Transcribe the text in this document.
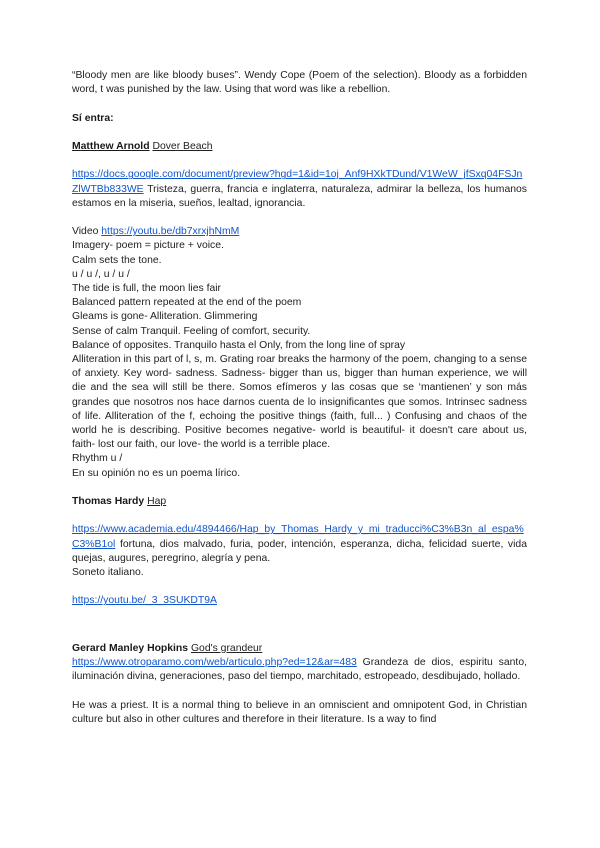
“Bloody men are like bloody buses”. Wendy Cope (Poem of the selection). Bloody as a forbidden word, t was punished by the law. Using that word was like a rebellion.

Sí entra:

Matthew Arnold Dover Beach

https://docs.google.com/document/preview?hgd=1&id=1oj_Anf9HXkTDund/V1WeW_jfSxq04FSJnZlWTBb833WE Tristeza, guerra, francia e inglaterra, naturaleza, admirar la belleza, los humanos estamos en la miseria, sueños, lealtad, ignorancia.

Video https://youtu.be/db7xrxjhNmM

Imagery- poem = picture + voice.

Calm sets the tone.

u / u /, u / u /

The tide is full, the moon lies fair

Balanced pattern repeated at the end of the poem

Gleams is gone- Alliteration. Glimmering

Sense of calm Tranquil. Feeling of comfort, security.

Balance of opposites. Tranquilo hasta el Only, from the long line of spray

Alliteration in this part of l, s, m. Grating roar breaks the harmony of the poem, changing to a sense of anxiety. Key word- sadness. Sadness- bigger than us, bigger than human experience, we will die and the sea will still be there. Somos efímeros y las cosas que se ‘mantienen’ y son más grandes que nosotros nos hace darnos cuenta de lo insignificantes que somos. Intrinsec sadness of life. Alliteration of the f, echoing the positive things (faith, full... ) Confusing and chaos of the world he is describing. Positive becomes negative- world is beautiful- it doesn't care about us, faith- lost our faith, our love- the world is a terrible place.

Rhythm u /

En su opinión no es un poema lírico.

Thomas Hardy Hap

https://www.academia.edu/4894466/Hap_by_Thomas_Hardy_y_mi_traducci%C3%B3n_al_espa%C3%B1ol fortuna, dios malvado, furia, poder, intención, esperanza, dicha, felicidad suerte, vida quejas, augures, peregrino, alegría y pena.

Soneto italiano.

https://youtu.be/_3_3SUKDT9A

Gerard Manley Hopkins God's grandeur

https://www.otroparamo.com/web/articulo.php?ed=12&ar=483 Grandeza de dios, espiritu santo, iluminación divina, generaciones, paso del tiempo, marchitado, estropeado, desdibujado, hollado.

He was a priest. It is a normal thing to believe in an omniscient and omnipotent God, in Christian culture but also in other cultures and therefore in their literature. Is a way to find
